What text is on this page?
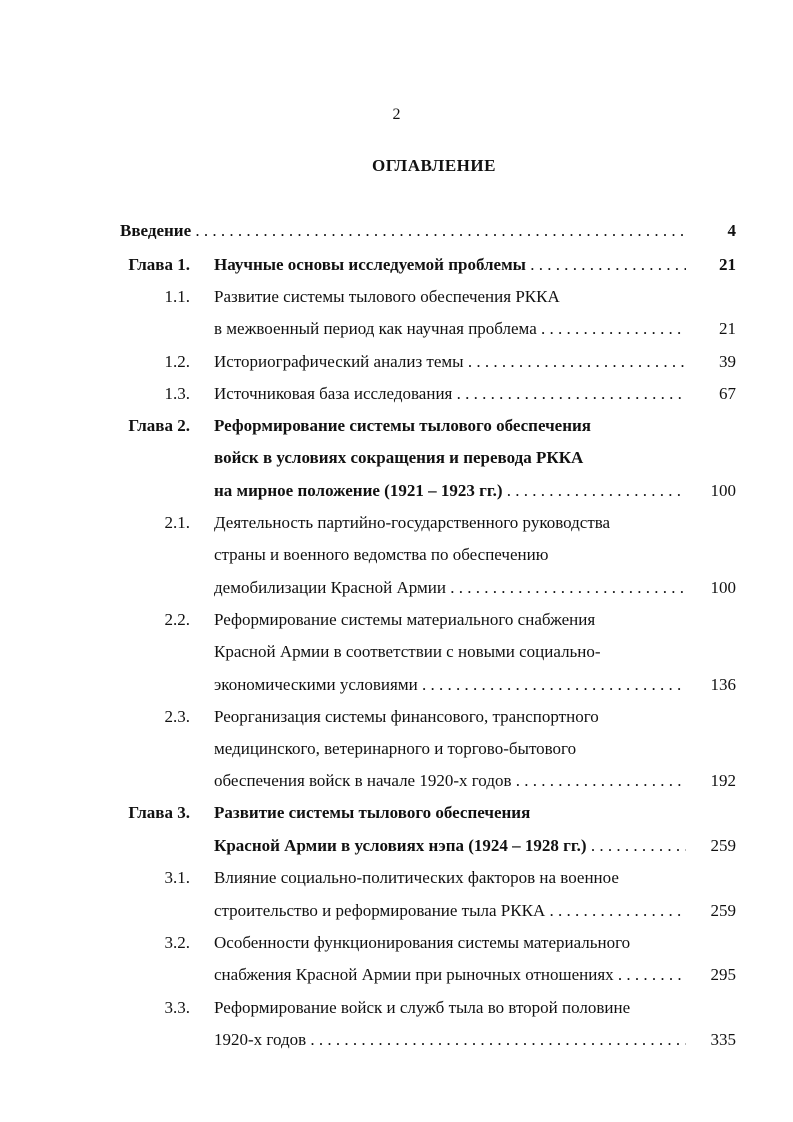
2
ОГЛАВЛЕНИЕ
Введение . . .	4
Глава 1. Научные основы исследуемой проблемы . . .	21
1.1. Развитие системы тылового обеспечения РККА
в межвоенный период как научная проблема . . .	21
1.2. Историографический анализ темы . . .	39
1.3. Источниковая база исследования . . .	67
Глава 2. Реформирование системы тылового обеспечения
войск в условиях сокращения и перевода РККА
на мирное положение (1921 – 1923 гг.) . . .	100
2.1. Деятельность партийно-государственного руководства
страны и военного ведомства по обеспечению
демобилизации Красной Армии . . .	100
2.2. Реформирование системы материального снабжения
Красной Армии в соответствии с новыми социально-
экономическими условиями . . .	136
2.3. Реорганизация системы финансового, транспортного
медицинского, ветеринарного и торгово-бытового
обеспечения войск в начале 1920-х годов . . .	192
Глава 3. Развитие системы тылового обеспечения
Красной Армии в условиях нэпа (1924 – 1928 гг.) . . .	259
3.1. Влияние социально-политических факторов на военное
строительство и реформирование тыла РККА . . .	259
3.2. Особенности функционирования системы материального
снабжения Красной Армии при рыночных отношениях . . .	295
3.3. Реформирование войск и служб тыла во второй половине
1920-х годов . . .	335
